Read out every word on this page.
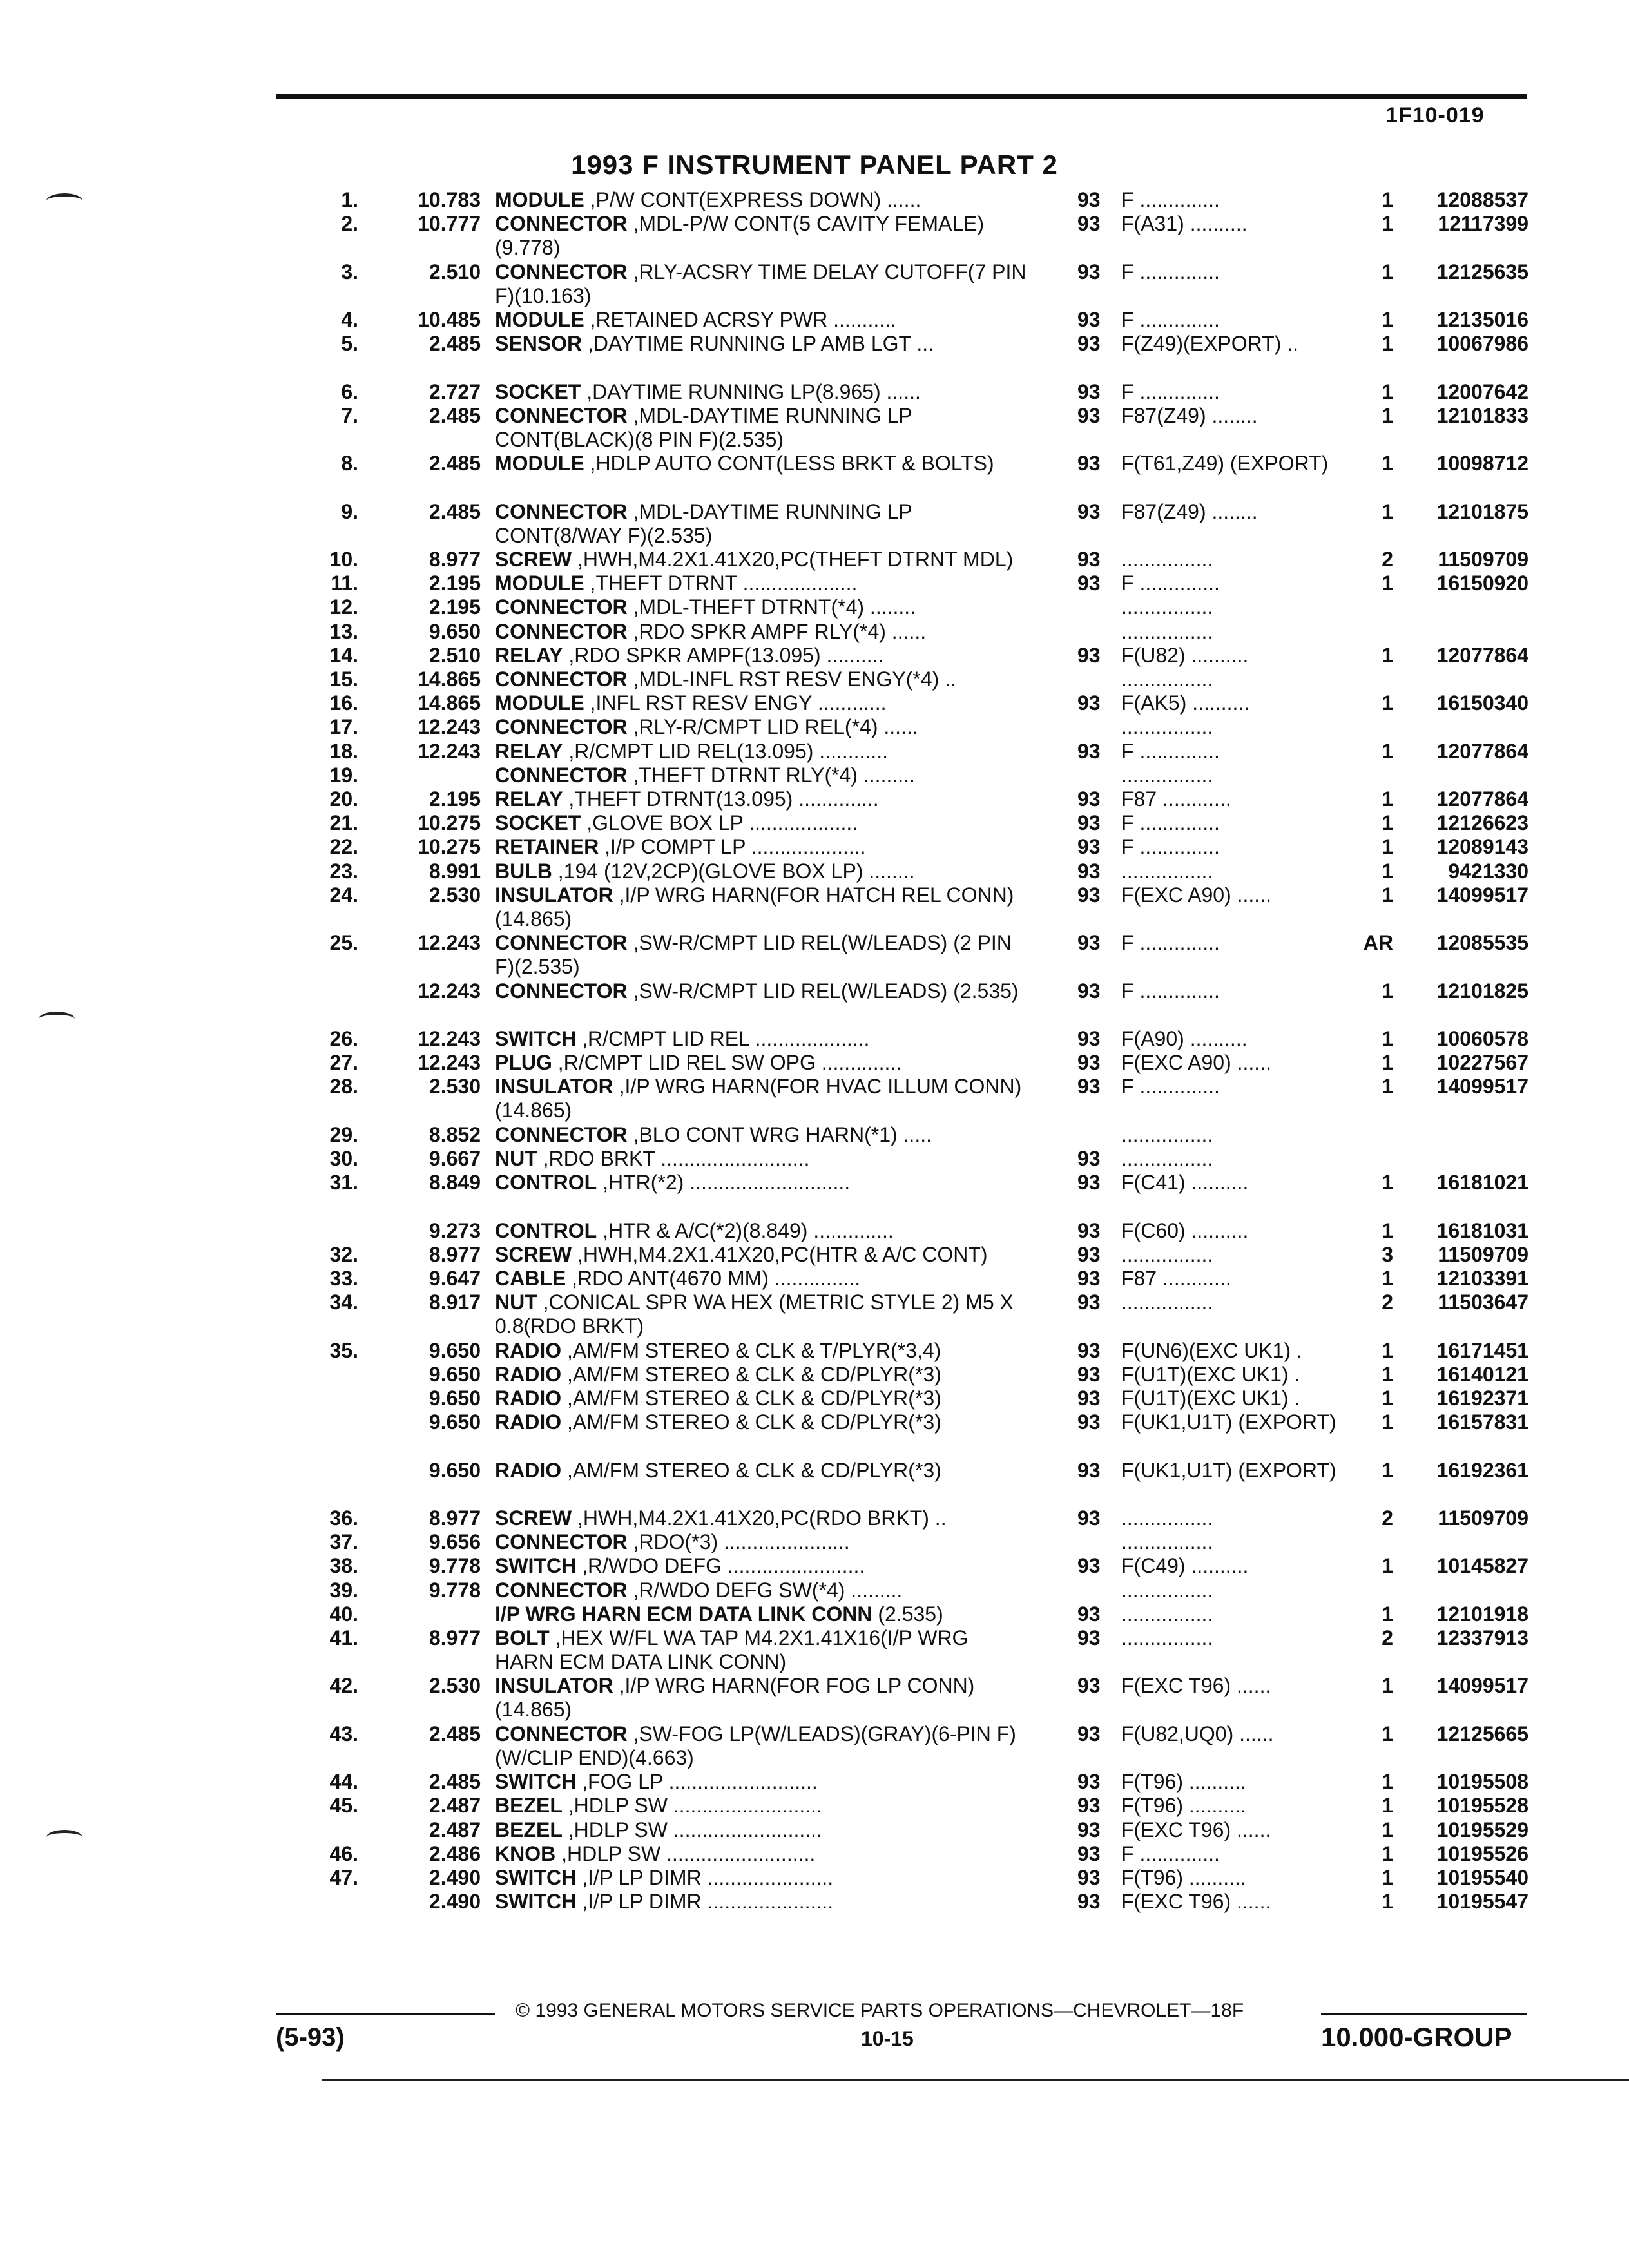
1F10-019
1993 F INSTRUMENT PANEL PART 2
1.	10.783 MODULE ,P/W CONT(EXPRESS DOWN) ......	93 F ..............	1	12088537
2.	10.777 CONNECTOR ,MDL-P/W CONT(5 CAVITY FEMALE)(9.778)
93 F(A31) ..........	1	12117399
3.	2.510 CONNECTOR ,RLY-ACSRY TIME DELAY CUTOFF(7 PIN F)(10.163)
93 F ..............	1	12125635
4.	10.485 MODULE ,RETAINED ACRSY PWR ...........	93 F ..............	1	12135016
5.	2.485 SENSOR ,DAYTIME RUNNING LP AMB LGT ...	93 F(Z49)(EXPORT) ..	1	10067986
6.	2.727 SOCKET ,DAYTIME RUNNING LP(8.965) ......	93 F ..............	1	12007642
7.	2.485 CONNECTOR ,MDL-DAYTIME RUNNING LP CONT(BLACK)(8 PIN F)(2.535)
93 F87(Z49) ........	1	12101833
8.	2.485 MODULE ,HDLP AUTO CONT(LESS BRKT & BOLTS)	93 F(T61,Z49) (EXPORT)	1	10098712
9.	2.485 CONNECTOR ,MDL-DAYTIME RUNNING LP CONT(8/WAY F)(2.535)
93 F87(Z49) ........	1	12101875
10.	8.977 SCREW ,HWH,M4.2X1.41X20,PC(THEFT DTRNT MDL)	93 ................	2	11509709
11.	2.195 MODULE ,THEFT DTRNT ....................	93 F ..............	1	16150920
12.	2.195 CONNECTOR ,MDL-THEFT DTRNT(*4) ........	................
13.	9.650 CONNECTOR ,RDO SPKR AMPF RLY(*4) ......	................
14.	2.510 RELAY ,RDO SPKR AMPF(13.095) ..........	93 F(U82) ..........	1	12077864
15.	14.865 CONNECTOR ,MDL-INFL RST RESV ENGY(*4) ..	................
16.	14.865 MODULE ,INFL RST RESV ENGY ............	93 F(AK5) ..........	1	16150340
17.	12.243 CONNECTOR ,RLY-R/CMPT LID REL(*4) ......	................
18.	12.243 RELAY ,R/CMPT LID REL(13.095) ............	93 F ..............	1	12077864
19.	CONNECTOR ,THEFT DTRNT RLY(*4) .........	................
20.	2.195 RELAY ,THEFT DTRNT(13.095) ..............	93 F87 ............	1	12077864
21.	10.275 SOCKET ,GLOVE BOX LP ...................	93 F ..............	1	12126623
22.	10.275 RETAINER ,I/P COMPT LP ....................	93 F ..............	1	12089143
23.	8.991 BULB ,194 (12V,2CP)(GLOVE BOX LP) ........	93 ................	1	9421330
24.	2.530 INSULATOR ,I/P WRG HARN(FOR HATCH REL CONN)(14.865)
93 F(EXC A90) ......	1	14099517
25.	12.243 CONNECTOR ,SW-R/CMPT LID REL(W/LEADS) (2 PIN F)(2.535)
93 F ..............	AR	12085535
12.243 CONNECTOR ,SW-R/CMPT LID REL(W/LEADS) (2.535)	93 F ..............	1	12101825
26.	12.243 SWITCH ,R/CMPT LID REL ....................	93 F(A90) ..........	1	10060578
27.	12.243 PLUG ,R/CMPT LID REL SW OPG ..............	93 F(EXC A90) ......	1	10227567
28.	2.530 INSULATOR ,I/P WRG HARN(FOR HVAC ILLUM CONN)(14.865)
93 F ..............	1	14099517
29.	8.852 CONNECTOR ,BLO CONT WRG HARN(*1) .....	................
30.	9.667 NUT ,RDO BRKT ..........................	93 ................
31.	8.849 CONTROL ,HTR(*2) ............................	93 F(C41) ..........	1	16181021
9.273 CONTROL ,HTR & A/C(*2)(8.849) ..............	93 F(C60) ..........	1	16181031
32.	8.977 SCREW ,HWH,M4.2X1.41X20,PC(HTR & A/C CONT)	93 ................	3	11509709
33.	9.647 CABLE ,RDO ANT(4670 MM) ...............	93 F87 ............	1	12103391
34.	8.917 NUT ,CONICAL SPR WA HEX (METRIC STYLE 2) M5 X 0.8(RDO BRKT)
93 ................	2	11503647
35.	9.650 RADIO ,AM/FM STEREO & CLK & T/PLYR(*3,4)	93 F(UN6)(EXC UK1) .	1	16171451
9.650 RADIO ,AM/FM STEREO & CLK & CD/PLYR(*3)	93 F(U1T)(EXC UK1) .	1	16140121
9.650 RADIO ,AM/FM STEREO & CLK & CD/PLYR(*3)	93 F(U1T)(EXC UK1) .	1	16192371
9.650 RADIO ,AM/FM STEREO & CLK & CD/PLYR(*3)	93 F(UK1,U1T) (EXPORT)	1	16157831
9.650 RADIO ,AM/FM STEREO & CLK & CD/PLYR(*3)	93 F(UK1,U1T) (EXPORT)	1	16192361
36.	8.977 SCREW ,HWH,M4.2X1.41X20,PC(RDO BRKT) ..	93 ................	2	11509709
37.	9.656 CONNECTOR ,RDO(*3) ......................	................
38.	9.778 SWITCH ,R/WDO DEFG ........................	93 F(C49) ..........	1	10145827
39.	9.778 CONNECTOR ,R/WDO DEFG SW(*4) .........	................
40.	I/P WRG HARN ECM DATA LINK CONN (2.535)	93 ................	1	12101918
41.	8.977 BOLT ,HEX W/FL WA TAP M4.2X1.41X16(I/P WRG HARN ECM DATA LINK CONN)
93 ................	2	12337913
42.	2.530 INSULATOR ,I/P WRG HARN(FOR FOG LP CONN)(14.865)
93 F(EXC T96) ......	1	14099517
43.	2.485 CONNECTOR ,SW-FOG LP(W/LEADS)(GRAY)(6-PIN F)(W/CLIP END)(4.663)
93 F(U82,UQ0) ......	1	12125665
44.	2.485 SWITCH ,FOG LP ..........................	93 F(T96) ..........	1	10195508
45.	2.487 BEZEL ,HDLP SW ..........................	93 F(T96) ..........	1	10195528
2.487 BEZEL ,HDLP SW ..........................	93 F(EXC T96) ......	1	10195529
46.	2.486 KNOB ,HDLP SW ..........................	93 F ..............	1	10195526
47.	2.490 SWITCH ,I/P LP DIMR ......................	93 F(T96) ..........	1	10195540
2.490 SWITCH ,I/P LP DIMR ......................	93 F(EXC T96) ......	1	10195547
© 1993 GENERAL MOTORS SERVICE PARTS OPERATIONS—CHEVROLET—18F
(5-93)	10-15	10.000-GROUP
